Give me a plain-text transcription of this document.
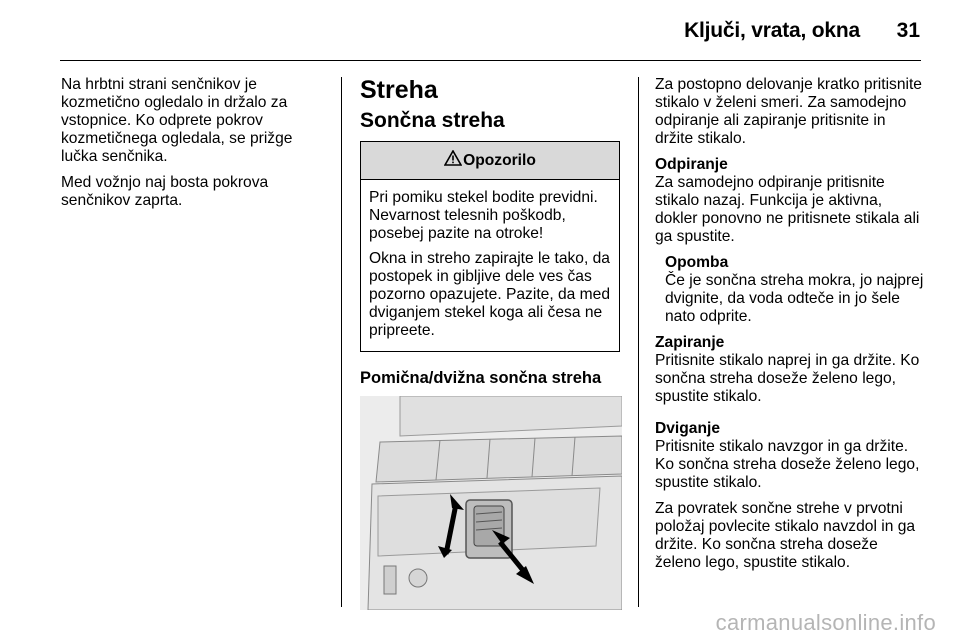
Ključi, vrata, okna 31

Na hrbtni strani senčnikov je kozmetično ogledalo in držalo za vstopnice. Ko odprete pokrov kozmetičnega ogledala, se prižge lučka senčnika.

Med vožnjo naj bosta pokrova senčnikov zaprta.

Streha
Sončna streha
Opozorilo

Pri pomiku stekel bodite previdni. Nevarnost telesnih poškodb, posebej pazite na otroke!

Okna in streho zapirajte le tako, da postopek in gibljive dele ves čas pozorno opazujete. Pazite, da med dviganjem stekel koga ali česa ne pripreete.

Pomična/dvižna sončna streha

Za postopno delovanje kratko pritisnite stikalo v želeni smeri. Za samodejno odpiranje ali zapiranje pritisnite in držite stikalo.

Odpiranje
Za samodejno odpiranje pritisnite stikalo nazaj. Funkcija je aktivna, dokler ponovno ne pritisnete stikala ali ga spustite.

Opomba
Če je sončna streha mokra, jo najprej dvignite, da voda odteče in jo šele nato odprite.

Zapiranje
Pritisnite stikalo naprej in ga držite. Ko sončna streha doseže želeno lego, spustite stikalo.

Dviganje
Pritisnite stikalo navzgor in ga držite. Ko sončna streha doseže želeno lego, spustite stikalo.

Za povratek sončne strehe v prvotni položaj povlecite stikalo navzdol in ga držite. Ko sončna streha doseže želeno lego, spustite stikalo.

carmanualsonline.info
